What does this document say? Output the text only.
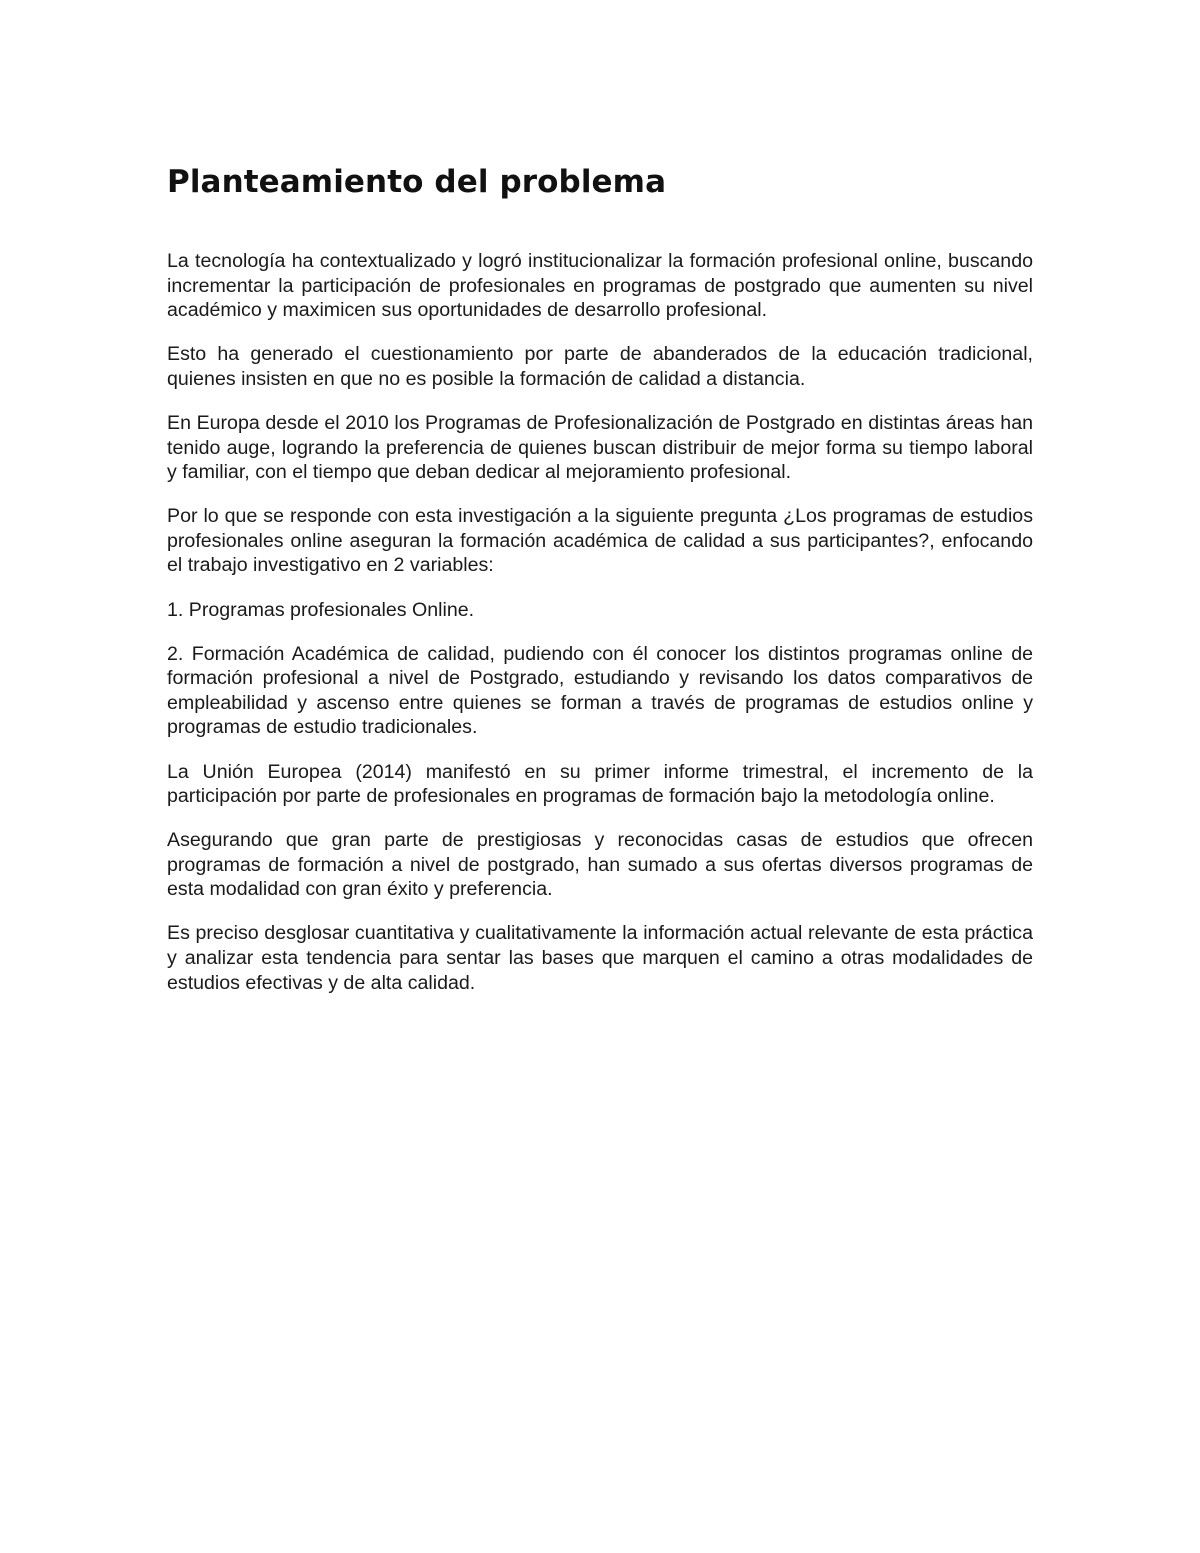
Planteamiento del problema

La tecnología ha contextualizado y logró institucionalizar la formación profesional online, buscando incrementar la participación de profesionales en programas de postgrado que aumenten su nivel académico y maximicen sus oportunidades de desarrollo profesional.

Esto ha generado el cuestionamiento por parte de abanderados de la educación tradicional, quienes insisten en que no es posible la formación de calidad a distancia.

En Europa desde el 2010 los Programas de Profesionalización de Postgrado en distintas áreas han tenido auge, logrando la preferencia de quienes buscan distribuir de mejor forma su tiempo laboral y familiar, con el tiempo que deban dedicar al mejoramiento profesional.

Por lo que se responde con esta investigación a la siguiente pregunta ¿Los programas de estudios profesionales online aseguran la formación académica de calidad a sus participantes?, enfocando el trabajo investigativo en 2 variables:

1. Programas profesionales Online.

2. Formación Académica de calidad, pudiendo con él conocer los distintos programas online de formación profesional a nivel de Postgrado, estudiando y revisando los datos comparativos de empleabilidad y ascenso entre quienes se forman a través de programas de estudios online y programas de estudio tradicionales.

La Unión Europea (2014) manifestó en su primer informe trimestral, el incremento de la participación por parte de profesionales en programas de formación bajo la metodología online.

Asegurando que gran parte de prestigiosas y reconocidas casas de estudios que ofrecen programas de formación a nivel de postgrado, han sumado a sus ofertas diversos programas de esta modalidad con gran éxito y preferencia.

Es preciso desglosar cuantitativa y cualitativamente la información actual relevante de esta práctica y analizar esta tendencia para sentar las bases que marquen el camino a otras modalidades de estudios efectivas y de alta calidad.
